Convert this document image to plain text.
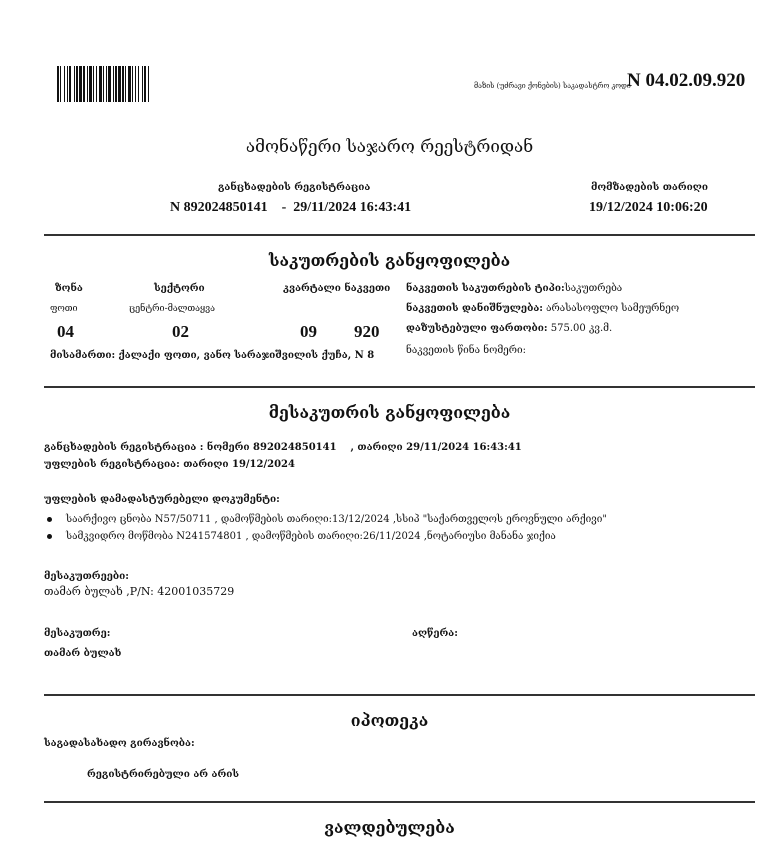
მაზის (უძრავი ქონების) საკადასტრო კოდი
N 04.02.09.920
ამონაწერი საჯარო რეესტრიდან
განცხადების რეგისტრაცია
N 892024850141    -  29/11/2024 16:43:41
მომზადების თარიღი
19/12/2024 10:06:20
საკუთრების განყოფილება
ზონა
ფოთი
04
სექტორი
ცენტრი-მალთაყვა
02
კვარტალი ნაკვეთი
09 920
მისამართი: ქალაქი ფოთი, ვანო სარაჯიშვილის ქუჩა, N 8
ნაკვეთის საკუთრების ტიპი:საკუთრება
ნაკვეთის დანიშნულება: არასასოფლო სამეურნეო
დაზუსტებული ფართობი: 575.00 კვ.მ.
ნაკვეთის წინა ნომერი:
მესაკუთრის განყოფილება
განცხადების რეგისტრაცია : ნომერი 892024850141    , თარიღი 29/11/2024 16:43:41
უფლების რეგისტრაცია: თარიღი 19/12/2024
უფლების დამადასტურებელი დოკუმენტი:
საარქივო ცნობა N57/50711 , დამოწმების თარიღი:13/12/2024 ,სსიპ "საქართველოს ეროვნული არქივი"
სამკვიდრო მოწმობა N241574801 , დამოწმების თარიღი:26/11/2024 ,ნოტარიუსი მანანა ჯიქია
მესაკუთრეები:
თამარ ბულახ ,P/N: 42001035729
მესაკუთრე:	აღწერა:
თამარ ბულახ
იპოთეკა
საგადასახადო გირავნობა:
რეგისტრირებული არ არის
ვალდებულება
